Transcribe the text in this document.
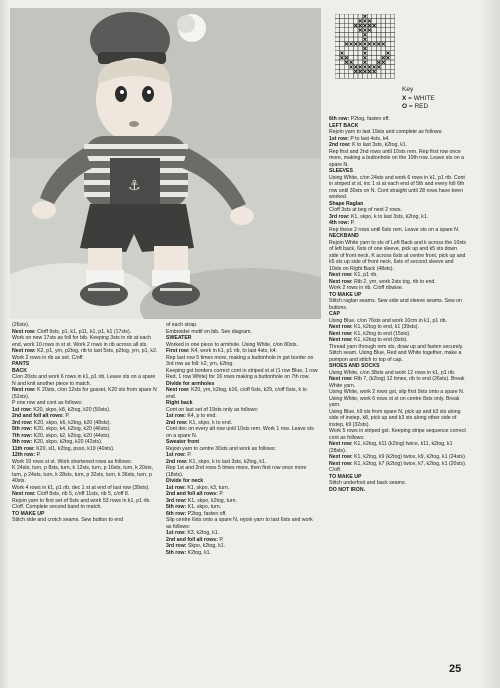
⚓
Key
X = WHITE
O = RED

(26sts).

Next row: C/off 9sts, p1, k1, p11, k1, p1, k1 (17sts).

Work on new 17sts as foll for bib. Keeping 3sts in rib at each end, work 10 rows in st st. Work 2 rows in rib across all sts.

Next row: K2, p1, yrn, p2tog, rib to last 5sts, p2tog, yrn, p1, k2.

Work 2 rows in rib as set. C/off.

PANTS

BACK

C/on 20sts and work 6 rows in k1, p1 rib. Leave sts on a spare N and knit another piece to match.

Next row: K 20sts, c/on 12sts for gusset, K20 sts from spare N (52sts).

P one row and cont as follows:

1st row: K20, skpo, k8, k2tog, k20 (50sts).

2nd and foll alt rows: P.

3rd row: K20, skpo, k6, k2tog, k20 (48sts).

5th row: K20, skpo, k4, k2tog, k20 (46sts).

7th row: K20, skpo, k2, k2tog, k20 (44sts).

9th row: K20, skpo, k2tog, k20 (42sts).

11th row: K20, sl1, k2tog, psso, k19 (40sts).

12th row: P.

Work 10 rows st st. Work shortened rows as follows:

K 24sts, turn, p 8sts, turn, k 12sts, turn, p 16sts, turn, k 20sts, turn, p 24sts, turn, k 28sts, turn, p 32sts, turn, k 36sts, turn, p 40sts.

Work 4 rows in k1, p1 rib, dec 1 st at end of last row (39sts).

Next row: C/off 8sts, rib 5, c/off 11sts, rib 5, c/off 8.

Rejoin yarn to first set of 5sts and work 53 rows in k1, p1 rib.

C/off. Complete second band to match.

TO MAKE UP

Stitch side and crotch seams. Sew button to end

of each strap.

Embroider motif on bib. See diagram.

SWEATER

Worked in one piece to armhole. Using White, c/on 80sts.

First row: K4, work in k1, p1 rib, to last 4sts, k4.

Rep last row 5 times more, making a buttonhole in gst border on 3rd row as foll: k2, yrn, k2tog.

Keeping gst borders correct cont in striped st st (1 row Blue, 1 row Red, 1 row White) for 16 rows making a buttonhole on 7th row.

Divide for armholes

Next row: K20, yrn, k2tog, k16, c/off 6sts, k29, c/off 6sts, k to end.

Right back

Cont on last set of 19sts only as follows:

1st row: K4, p to end.

2nd row: K1, skpo, k to end.

Cont dec on every alt row until 10sts rem. Work 1 row. Leave sts on a spare N.

Sweater front

Rejoin yarn to centre 30sts and work as follows:

1st row: P.

2nd row: K1, skpo, k to last 3sts, k2tog, k1.

Rep 1st and 2nd rows 5 times more, then first row once more (18sts).

Divide for neck

1st row: K1, skpo, k3, turn.

2nd and foll alt rows: P.

3rd row: K1, skpo, k2tog, turn.

5th row: K1, skpo, turn.

6th row: P2tog, fasten off.

Slip centre 6sts onto a spare N, rejoin yarn to last 6sts and work as follows:

1st row: K3, k2tog, k1.

2nd and foll alt rows: P.

3rd row: Skpo, k2tog, k1.

5th row: K2tog, k1.

6th row: P2tog, fasten off.

LEFT BACK

Rejoin yarn to last 19sts and complete as follows:

1st row: P to last 4sts, k4.

2nd row: K to last 3sts, k2tog, k1.

Rep first and 2nd rows until 10sts rem. Rep first row once more, making a buttonhole on the 10th row. Leave sts on a spare N.

SLEEVES

Using White, c/on 24sts and work 6 rows in k1, p1 rib. Cont in striped st st, inc 1 st at each end of 5th and every foll 6th row until 30sts on N. Cont straight until 28 rows have been worked.

Shape Raglan

C/off 3sts at beg of next 2 rows.

3rd row: K1, skpo, k to last 3sts, k2tog, k1.

4th row: P.

Rep these 2 rows until 6sts rem. Leave sts on a spare N.

NECKBAND

Rejoin White yarn to sts of Left Back and k across the 10sts of left back, 6sts of one sleeve, pick up and k5 sts down side of front neck, K across 6sts at centre front, pick up and k5 sts up side of front neck, 6sts of second sleeve and 10sts on Right Back (48sts).

Next row: K1, p1 rib.

Next row: Rib 2, yrn, work 2sts tog, rib to end.

Work 2 rows in rib. C/off ribwise.

TO MAKE UP

Stitch raglan seams. Sew side and sleeve seams. Sew on buttons.

CAP

Using Blue, c/on 76sts and work 10cm in k1, p1 rib.

Next row: K1, k2tog to end, k1 (39sts).

Next row: K1, k2tog to end (15sts).

Next row: K1, k2tog to end (8sts).

Thread yarn through rem sts, draw up and fasten securely. Stitch seam. Using Blue, Red and White together, make a pompon and stitch to top of cap.

SHOES AND SOCKS

Using White, c/on 38sts and work 12 rows in k1, p1 rib.

Next row: Rib 7, (k2tog) 12 times, rib to end (26sts). Break White yarn.

Using White, work 2 rows gst, slip first 9sts onto a spare N.

Using White, work 6 rows st st on centre 8sts only. Break yarn.

Using Blue, k9 sts from spare N, pick up and k3 sts along side of instep, k8, pick up and k3 sts along other side of instep, k9 (32sts).

Work 5 rows in striped gst. Keeping stripe sequence correct cont as follows:

Next row: K1, k2tog, k11 (k2tog) twice, k11, k2tog, k1 (28sts).

Next row: K1, k2tog, k9 (k2tog) twice, k9, k2tog, k1 (24sts).

Next row: K1, k2tog, k7 (k2tog) twice, k7, k2tog, k1 (20sts). C/off.

TO MAKE UP

Stitch underfoot and back seams.

DO NOT IRON.

25
